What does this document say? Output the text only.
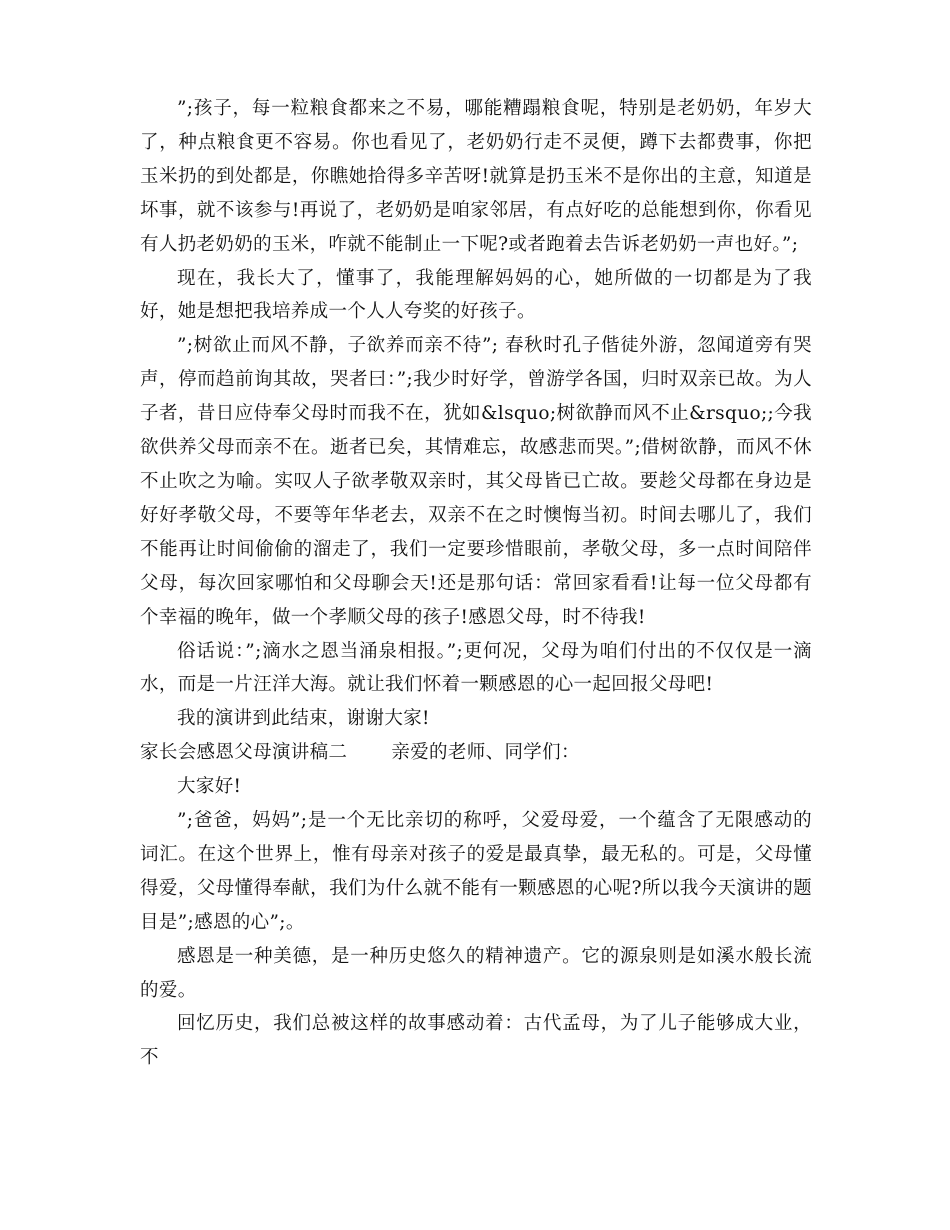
”;孩子，每一粒粮食都来之不易，哪能糟蹋粮食呢，特别是老奶奶，年岁大了，种点粮食更不容易。你也看见了，老奶奶行走不灵便，蹲下去都费事，你把玉米扔的到处都是，你瞧她拾得多辛苦呀!就算是扔玉米不是你出的主意，知道是坏事，就不该参与!再说了，老奶奶是咱家邻居，有点好吃的总能想到你，你看见有人扔老奶奶的玉米，咋就不能制止一下呢?或者跑着去告诉老奶奶一声也好。”;

现在，我长大了，懂事了，我能理解妈妈的心，她所做的一切都是为了我好，她是想把我培养成一个人人夸奖的好孩子。

”;树欲止而风不静，子欲养而亲不待”; 春秋时孔子偕徒外游，忽闻道旁有哭声，停而趋前询其故，哭者曰：”;我少时好学，曾游学各国，归时双亲已故。为人子者，昔日应侍奉父母时而我不在，犹如&lsquo;树欲静而风不止&rsquo;;今我欲供养父母而亲不在。逝者已矣，其情难忘，故感悲而哭。”;借树欲静，而风不休不止吹之为喻。实叹人子欲孝敬双亲时，其父母皆已亡故。要趁父母都在身边是好好孝敬父母，不要等年华老去，双亲不在之时懊悔当初。时间去哪儿了，我们不能再让时间偷偷的溜走了，我们一定要珍惜眼前，孝敬父母，多一点时间陪伴父母，每次回家哪怕和父母聊会天!还是那句话：常回家看看!让每一位父母都有个幸福的晚年，做一个孝顺父母的孩子!感恩父母，时不待我!

俗话说：”;滴水之恩当涌泉相报。”;更何况，父母为咱们付出的不仅仅是一滴水，而是一片汪洋大海。就让我们怀着一颗感恩的心一起回报父母吧!

我的演讲到此结束，谢谢大家!

家长会感恩父母演讲稿二 亲爱的老师、同学们：

大家好!

”;爸爸，妈妈”;是一个无比亲切的称呼，父爱母爱，一个蕴含了无限感动的词汇。在这个世界上，惟有母亲对孩子的爱是最真挚，最无私的。可是，父母懂得爱，父母懂得奉献，我们为什么就不能有一颗感恩的心呢?所以我今天演讲的题目是”;感恩的心”;。

感恩是一种美德，是一种历史悠久的精神遗产。它的源泉则是如溪水般长流的爱。

回忆历史，我们总被这样的故事感动着：古代孟母，为了儿子能够成大业，不
